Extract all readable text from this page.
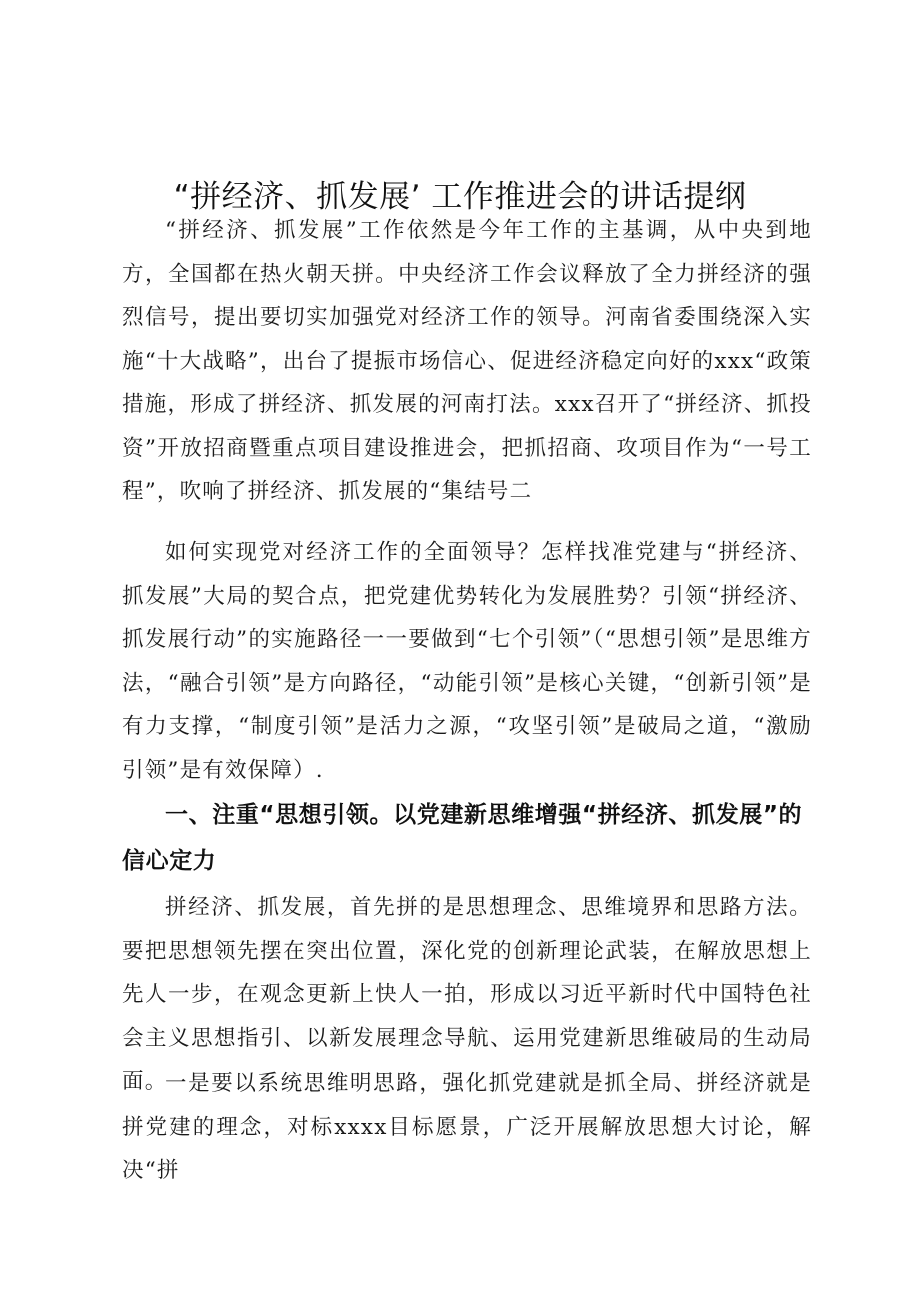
“拼经济、抓发展’ 工作推进会的讲话提纲

“拼经济、抓发展”工作依然是今年工作的主基调，从中央到地方，全国都在热火朝天拼。中央经济工作会议释放了全力拼经济的强烈信号，提出要切实加强党对经济工作的领导。河南省委围绕深入实施“十大战略”，出台了提振市场信心、促进经济稳定向好的xxx“政策措施，形成了拼经济、抓发展的河南打法。xxx召开了“拼经济、抓投资”开放招商暨重点项目建设推进会，把抓招商、攻项目作为“一号工程”，吹响了拼经济、抓发展的“集结号二

如何实现党对经济工作的全面领导？怎样找准党建与“拼经济、抓发展”大局的契合点，把党建优势转化为发展胜势？引领“拼经济、抓发展行动”的实施路径一一要做到“七个引领”（“思想引领”是思维方法，“融合引领”是方向路径，“动能引领”是核心关键，“创新引领”是有力支撑，“制度引领”是活力之源，“攻坚引领”是破局之道，“激励引领”是有效保障）.

一、注重“思想引领。以党建新思维增强“拼经济、抓发展”的信心定力

拼经济、抓发展，首先拼的是思想理念、思维境界和思路方法。要把思想领先摆在突出位置，深化党的创新理论武装，在解放思想上先人一步，在观念更新上快人一拍，形成以习近平新时代中国特色社会主义思想指引、以新发展理念导航、运用党建新思维破局的生动局面。

一是要以系统思维明思路，强化抓党建就是抓全局、拼经济就是拼党建的理念，对标xxxx目标愿景，广泛开展解放思想大讨论，解决“拼
